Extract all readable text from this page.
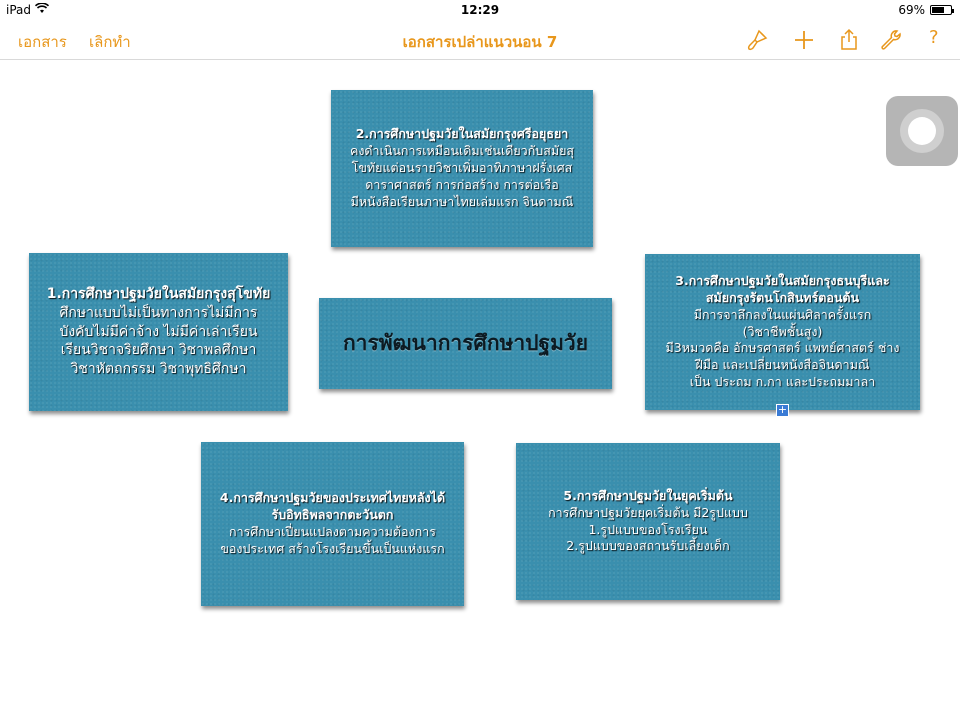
iPad	12:29	69%
เอกสาร เลิกทำ	เอกสารเปล่าแนวนอน 7	?
2.การศึกษาปฐมวัยในสมัยกรุงศรีอยุธยา
คงดำเนินการเหมือนเดิมเช่นเดียวกับสมัยสุ
โขทัยแต่อนรายวิชาเพิ่มอาทิภาษาฝรั่งเศส
ดาราศาสตร์ การก่อสร้าง การต่อเรือ
มีหนังสือเรียนภาษาไทยเล่มแรก จินดามณี
1.การศึกษาปฐมวัยในสมัยกรุงสุโขทัย
ศึกษาแบบไม่เป็นทางการไม่มีการ
บังคับไม่มีค่าจ้าง ไม่มีค่าเล่าเรียน
เรียนวิชาจริยศึกษา วิชาพลศึกษา
วิชาหัตถกรรม วิชาพุทธิศึกษา
การพัฒนาการศึกษาปฐมวัย
3.การศึกษาปฐมวัยในสมัยกรุงธนบุรีและ
สมัยกรุงรัตนโกสินทร์ตอนต้น
มีการจาลึกลงในแผ่นศิลาครั้งแรก
(วิชาชีพชั้นสูง)
มี3หมวดคือ อักษรศาสตร์ แพทย์ศาสตร์ ช่าง
ฝีมือ และเปลี่ยนหนังสือจินดามณี
เป็น ประถม ก.กา และประถมมาลา
+
4.การศึกษาปฐมวัยของประเทศไทยหลังได้
รับอิทธิพลจากตะวันตก
การศึกษาเปี่ยนแปลงตามความต้องการ
ของประเทศ สร้างโรงเรียนขึ้นเป็นแห่งแรก
5.การศึกษาปฐมวัยในยุคเริ่มต้น
การศึกษาปฐมวัยยุคเริ่มต้น มี2รูปแบบ
1.รูปแบบของโรงเรียน
2.รูปแบบของสถานรับเลี้ยงเด็ก
